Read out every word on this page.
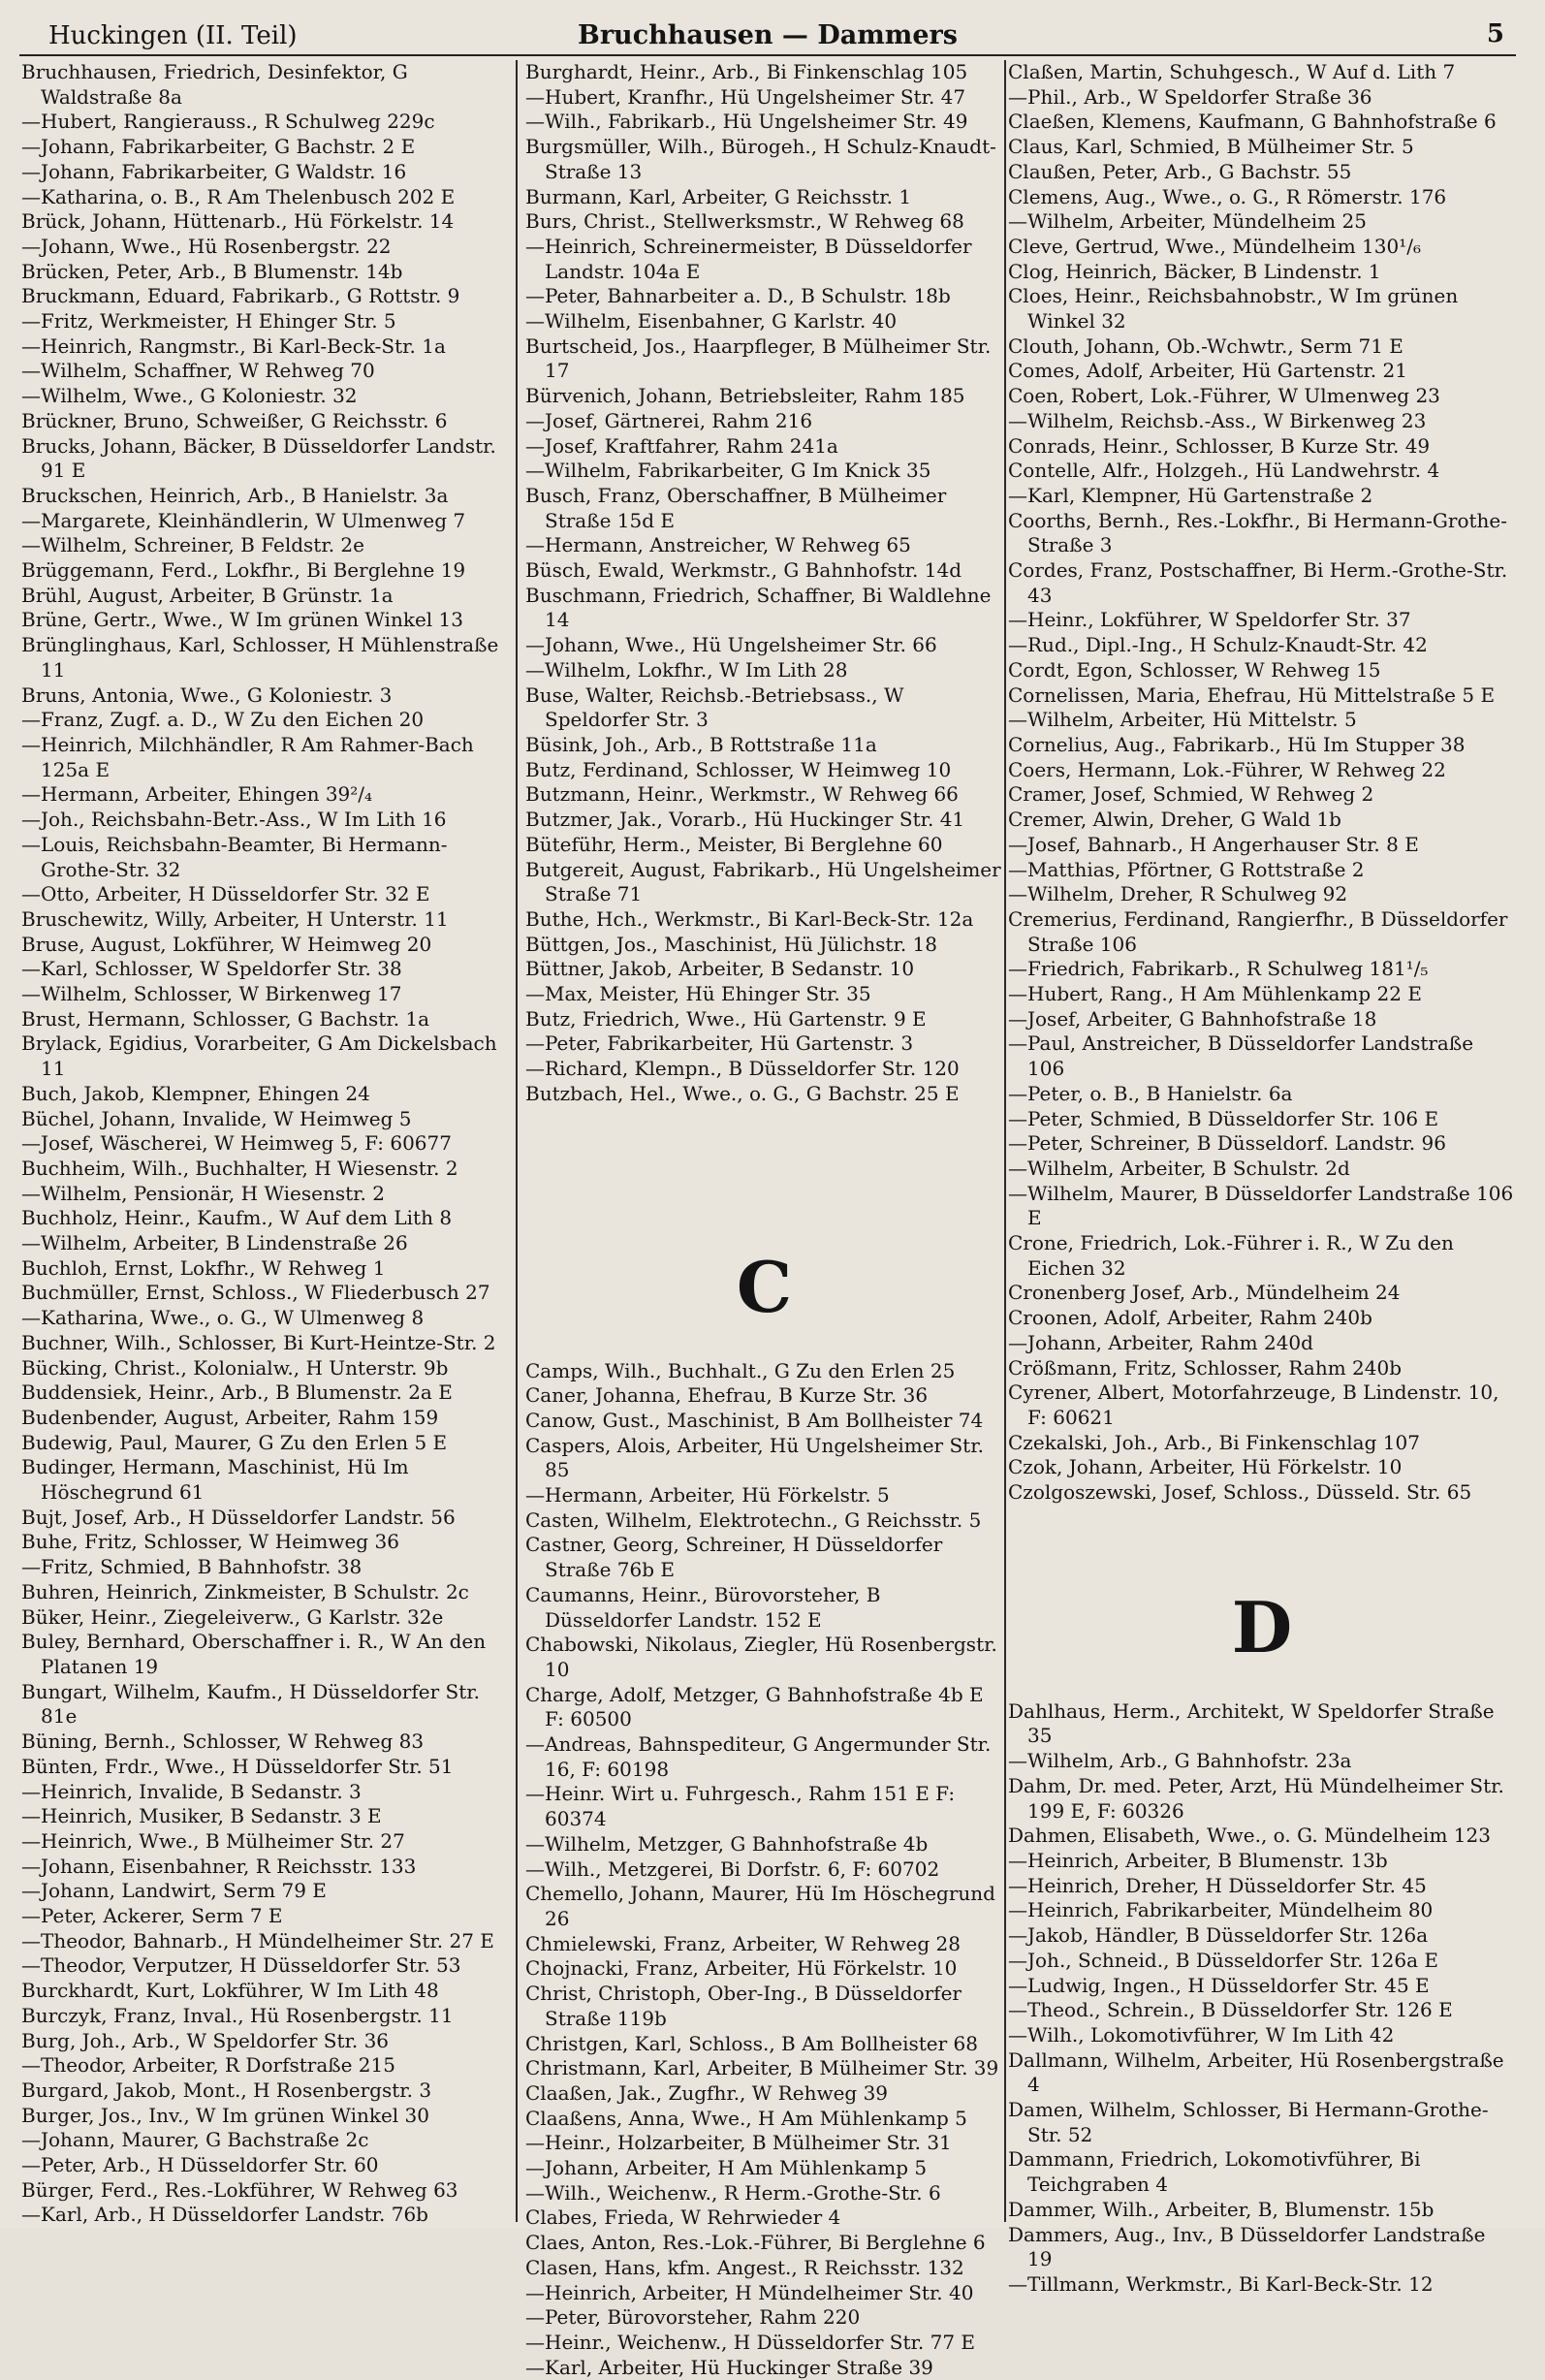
Huckingen (II. Teil)	Bruchhausen — Dammers	5
Bruchhausen, Friedrich, Desinfektor, G Waldstraße 8a
—Hubert, Rangierauss., R Schulweg 229c
—Johann, Fabrikarbeiter, G Bachstr. 2 E
—Johann, Fabrikarbeiter, G Waldstr. 16
—Katharina, o. B., R Am Thelenbusch 202 E
Brück, Johann, Hüttenarb., Hü Förkelstr. 14
—Johann, Wwe., Hü Rosenbergstr. 22
Brücken, Peter, Arb., B Blumenstr. 14b
Bruckmann, Eduard, Fabrikarb., G Rottstr. 9
—Fritz, Werkmeister, H Ehinger Str. 5
—Heinrich, Rangmstr., Bi Karl-Beck-Str. 1a
—Wilhelm, Schaffner, W Rehweg 70
—Wilhelm, Wwe., G Koloniestr. 32
Brückner, Bruno, Schweißer, G Reichsstr. 6
Brucks, Johann, Bäcker, B Düsseldorfer Landstr. 91 E
Bruckschen, Heinrich, Arb., B Hanielstr. 3a
—Margarete, Kleinhändlerin, W Ulmenweg 7
—Wilhelm, Schreiner, B Feldstr. 2e
Brüggemann, Ferd., Lokfhr., Bi Berglehne 19
Brühl, August, Arbeiter, B Grünstr. 1a
Brüne, Gertr., Wwe., W Im grünen Winkel 13
Brünglinghaus, Karl, Schlosser, H Mühlenstraße 11
Bruns, Antonia, Wwe., G Koloniestr. 3
—Franz, Zugf. a. D., W Zu den Eichen 20
—Heinrich, Milchhändler, R Am Rahmer-Bach 125a E
—Hermann, Arbeiter, Ehingen 39²/₄
—Joh., Reichsbahn-Betr.-Ass., W Im Lith 16
—Louis, Reichsbahn-Beamter, Bi Hermann-Grothe-Str. 32
—Otto, Arbeiter, H Düsseldorfer Str. 32 E
Bruschewitz, Willy, Arbeiter, H Unterstr. 11
Bruse, August, Lokführer, W Heimweg 20
—Karl, Schlosser, W Speldorfer Str. 38
—Wilhelm, Schlosser, W Birkenweg 17
Brust, Hermann, Schlosser, G Bachstr. 1a
Brylack, Egidius, Vorarbeiter, G Am Dickelsbach 11
Buch, Jakob, Klempner, Ehingen 24
Büchel, Johann, Invalide, W Heimweg 5
—Josef, Wäscherei, W Heimweg 5, F: 60677
Buchheim, Wilh., Buchhalter, H Wiesenstr. 2
—Wilhelm, Pensionär, H Wiesenstr. 2
Buchholz, Heinr., Kaufm., W Auf dem Lith 8
—Wilhelm, Arbeiter, B Lindenstraße 26
Buchloh, Ernst, Lokfhr., W Rehweg 1
Buchmüller, Ernst, Schloss., W Fliederbusch 27
—Katharina, Wwe., o. G., W Ulmenweg 8
Buchner, Wilh., Schlosser, Bi Kurt-Heintze-Str. 2
Bücking, Christ., Kolonialw., H Unterstr. 9b
Buddensiek, Heinr., Arb., B Blumenstr. 2a E
Budenbender, August, Arbeiter, Rahm 159
Budewig, Paul, Maurer, G Zu den Erlen 5 E
Budinger, Hermann, Maschinist, Hü Im Höschegrund 61
Bujt, Josef, Arb., H Düsseldorfer Landstr. 56
Buhe, Fritz, Schlosser, W Heimweg 36
—Fritz, Schmied, B Bahnhofstr. 38
Buhren, Heinrich, Zinkmeister, B Schulstr. 2c
Büker, Heinr., Ziegeleiverw., G Karlstr. 32e
Buley, Bernhard, Oberschaffner i. R., W An den Platanen 19
Bungart, Wilhelm, Kaufm., H Düsseldorfer Str. 81e
Büning, Bernh., Schlosser, W Rehweg 83
Bünten, Frdr., Wwe., H Düsseldorfer Str. 51
—Heinrich, Invalide, B Sedanstr. 3
—Heinrich, Musiker, B Sedanstr. 3 E
—Heinrich, Wwe., B Mülheimer Str. 27
—Johann, Eisenbahner, R Reichsstr. 133
—Johann, Landwirt, Serm 79 E
—Peter, Ackerer, Serm 7 E
—Theodor, Bahnarb., H Mündelheimer Str. 27 E
—Theodor, Verputzer, H Düsseldorfer Str. 53
Burckhardt, Kurt, Lokführer, W Im Lith 48
Burczyk, Franz, Inval., Hü Rosenbergstr. 11
Burg, Joh., Arb., W Speldorfer Str. 36
—Theodor, Arbeiter, R Dorfstraße 215
Burgard, Jakob, Mont., H Rosenbergstr. 3
Burger, Jos., Inv., W Im grünen Winkel 30
—Johann, Maurer, G Bachstraße 2c
—Peter, Arb., H Düsseldorfer Str. 60
Bürger, Ferd., Res.-Lokführer, W Rehweg 63
—Karl, Arb., H Düsseldorfer Landstr. 76b
Burghardt, Heinr., Arb., Bi Finkenschlag 105
—Hubert, Kranfhr., Hü Ungelsheimer Str. 47
—Wilh., Fabrikarb., Hü Ungelsheimer Str. 49
Burgsmüller, Wilh., Bürogeh., H Schulz-Knaudt-Straße 13
Burmann, Karl, Arbeiter, G Reichsstr. 1
Burs, Christ., Stellwerksmstr., W Rehweg 68
—Heinrich, Schreinermeister, B Düsseldorfer Landstr. 104a E
—Peter, Bahnarbeiter a. D., B Schulstr. 18b
—Wilhelm, Eisenbahner, G Karlstr. 40
Burtscheid, Jos., Haarpfleger, B Mülheimer Str. 17
Bürvenich, Johann, Betriebsleiter, Rahm 185
—Josef, Gärtnerei, Rahm 216
—Josef, Kraftfahrer, Rahm 241a
—Wilhelm, Fabrikarbeiter, G Im Knick 35
Busch, Franz, Oberschaffner, B Mülheimer Straße 15d E
—Hermann, Anstreicher, W Rehweg 65
Büsch, Ewald, Werkmstr., G Bahnhofstr. 14d
Buschmann, Friedrich, Schaffner, Bi Waldlehne 14
—Johann, Wwe., Hü Ungelsheimer Str. 66
—Wilhelm, Lokfhr., W Im Lith 28
Buse, Walter, Reichsb.-Betriebsass., W Speldorfer Str. 3
Büsink, Joh., Arb., B Rottstraße 11a
Butz, Ferdinand, Schlosser, W Heimweg 10
Butzmann, Heinr., Werkmstr., W Rehweg 66
Butzmer, Jak., Vorarb., Hü Huckinger Str. 41
Büteführ, Herm., Meister, Bi Berglehne 60
Butgereit, August, Fabrikarb., Hü Ungelsheimer Straße 71
Buthe, Hch., Werkmstr., Bi Karl-Beck-Str. 12a
Büttgen, Jos., Maschinist, Hü Jülichstr. 18
Büttner, Jakob, Arbeiter, B Sedanstr. 10
—Max, Meister, Hü Ehinger Str. 35
Butz, Friedrich, Wwe., Hü Gartenstr. 9 E
—Peter, Fabrikarbeiter, Hü Gartenstr. 3
—Richard, Klempn., B Düsseldorfer Str. 120
Butzbach, Hel., Wwe., o. G., G Bachstr. 25 E
C
Camps, Wilh., Buchhalt., G Zu den Erlen 25
Caner, Johanna, Ehefrau, B Kurze Str. 36
Canow, Gust., Maschinist, B Am Bollheister 74
Caspers, Alois, Arbeiter, Hü Ungelsheimer Str. 85
—Hermann, Arbeiter, Hü Förkelstr. 5
Casten, Wilhelm, Elektrotechn., G Reichsstr. 5
Castner, Georg, Schreiner, H Düsseldorfer Straße 76b E
Caumanns, Heinr., Bürovorsteher, B Düsseldorfer Landstr. 152 E
Chabowski, Nikolaus, Ziegler, Hü Rosenbergstr. 10
Charge, Adolf, Metzger, G Bahnhofstraße 4b E F: 60500
—Andreas, Bahnspediteur, G Angermunder Str. 16, F: 60198
—Heinr. Wirt u. Fuhrgesch., Rahm 151 E F: 60374
—Wilhelm, Metzger, G Bahnhofstraße 4b
—Wilh., Metzgerei, Bi Dorfstr. 6, F: 60702
Chemello, Johann, Maurer, Hü Im Höschegrund 26
Chmielewski, Franz, Arbeiter, W Rehweg 28
Chojnacki, Franz, Arbeiter, Hü Förkelstr. 10
Christ, Christoph, Ober-Ing., B Düsseldorfer Straße 119b
Christgen, Karl, Schloss., B Am Bollheister 68
Christmann, Karl, Arbeiter, B Mülheimer Str. 39
Claaßen, Jak., Zugfhr., W Rehweg 39
Claaßens, Anna, Wwe., H Am Mühlenkamp 5
—Heinr., Holzarbeiter, B Mülheimer Str. 31
—Johann, Arbeiter, H Am Mühlenkamp 5
—Wilh., Weichenw., R Herm.-Grothe-Str. 6
Clabes, Frieda, W Rehrwieder 4
Claes, Anton, Res.-Lok.-Führer, Bi Berglehne 6
Clasen, Hans, kfm. Angest., R Reichsstr. 132
—Heinrich, Arbeiter, H Mündelheimer Str. 40
—Peter, Bürovorsteher, Rahm 220
—Heinr., Weichenw., H Düsseldorfer Str. 77 E
—Karl, Arbeiter, Hü Huckinger Straße 39
Claßen, Martin, Schuhgesch., W Auf d. Lith 7
—Phil., Arb., W Speldorfer Straße 36
Claeßen, Klemens, Kaufmann, G Bahnhofstraße 6
Claus, Karl, Schmied, B Mülheimer Str. 5
Claußen, Peter, Arb., G Bachstr. 55
Clemens, Aug., Wwe., o. G., R Römerstr. 176
—Wilhelm, Arbeiter, Mündelheim 25
Cleve, Gertrud, Wwe., Mündelheim 130¹/₆
Clog, Heinrich, Bäcker, B Lindenstr. 1
Cloes, Heinr., Reichsbahnobstr., W Im grünen Winkel 32
Clouth, Johann, Ob.-Wchwtr., Serm 71 E
Comes, Adolf, Arbeiter, Hü Gartenstr. 21
Coen, Robert, Lok.-Führer, W Ulmenweg 23
—Wilhelm, Reichsb.-Ass., W Birkenweg 23
Conrads, Heinr., Schlosser, B Kurze Str. 49
Contelle, Alfr., Holzgeh., Hü Landwehrstr. 4
—Karl, Klempner, Hü Gartenstraße 2
Coorths, Bernh., Res.-Lokfhr., Bi Hermann-Grothe-Straße 3
Cordes, Franz, Postschaffner, Bi Herm.-Grothe-Str. 43
—Heinr., Lokführer, W Speldorfer Str. 37
—Rud., Dipl.-Ing., H Schulz-Knaudt-Str. 42
Cordt, Egon, Schlosser, W Rehweg 15
Cornelissen, Maria, Ehefrau, Hü Mittelstraße 5 E
—Wilhelm, Arbeiter, Hü Mittelstr. 5
Cornelius, Aug., Fabrikarb., Hü Im Stupper 38
Coers, Hermann, Lok.-Führer, W Rehweg 22
Cramer, Josef, Schmied, W Rehweg 2
Cremer, Alwin, Dreher, G Wald 1b
—Josef, Bahnarb., H Angerhauser Str. 8 E
—Matthias, Pförtner, G Rottstraße 2
—Wilhelm, Dreher, R Schulweg 92
Cremerius, Ferdinand, Rangierfhr., B Düsseldorfer Straße 106
—Friedrich, Fabrikarb., R Schulweg 181¹/₅
—Hubert, Rang., H Am Mühlenkamp 22 E
—Josef, Arbeiter, G Bahnhofstraße 18
—Paul, Anstreicher, B Düsseldorfer Landstraße 106
—Peter, o. B., B Hanielstr. 6a
—Peter, Schmied, B Düsseldorfer Str. 106 E
—Peter, Schreiner, B Düsseldorf. Landstr. 96
—Wilhelm, Arbeiter, B Schulstr. 2d
—Wilhelm, Maurer, B Düsseldorfer Landstraße 106 E
Crone, Friedrich, Lok.-Führer i. R., W Zu den Eichen 32
Cronenberg Josef, Arb., Mündelheim 24
Croonen, Adolf, Arbeiter, Rahm 240b
—Johann, Arbeiter, Rahm 240d
Crößmann, Fritz, Schlosser, Rahm 240b
Cyrener, Albert, Motorfahrzeuge, B Lindenstr. 10, F: 60621
Czekalski, Joh., Arb., Bi Finkenschlag 107
Czok, Johann, Arbeiter, Hü Förkelstr. 10
Czolgoszewski, Josef, Schloss., Düsseld. Str. 65
D
Dahlhaus, Herm., Architekt, W Speldorfer Straße 35
—Wilhelm, Arb., G Bahnhofstr. 23a
Dahm, Dr. med. Peter, Arzt, Hü Mündelheimer Str. 199 E, F: 60326
Dahmen, Elisabeth, Wwe., o. G. Mündelheim 123
—Heinrich, Arbeiter, B Blumenstr. 13b
—Heinrich, Dreher, H Düsseldorfer Str. 45
—Heinrich, Fabrikarbeiter, Mündelheim 80
—Jakob, Händler, B Düsseldorfer Str. 126a
—Joh., Schneid., B Düsseldorfer Str. 126a E
—Ludwig, Ingen., H Düsseldorfer Str. 45 E
—Theod., Schrein., B Düsseldorfer Str. 126 E
—Wilh., Lokomotivführer, W Im Lith 42
Dallmann, Wilhelm, Arbeiter, Hü Rosenbergstraße 4
Damen, Wilhelm, Schlosser, Bi Hermann-Grothe-Str. 52
Dammann, Friedrich, Lokomotivführer, Bi Teichgraben 4
Dammer, Wilh., Arbeiter, B, Blumenstr. 15b
Dammers, Aug., Inv., B Düsseldorfer Landstraße 19
—Tillmann, Werkmstr., Bi Karl-Beck-Str. 12
